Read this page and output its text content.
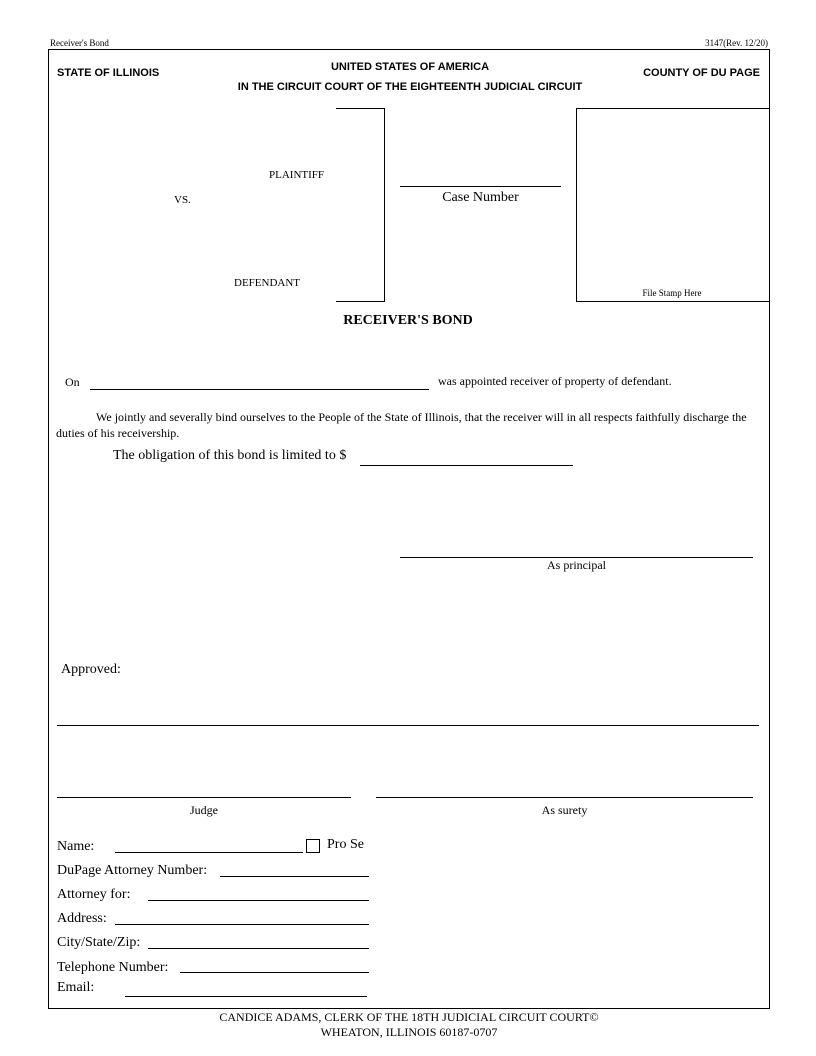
Receiver's Bond	3147(Rev. 12/20)
STATE OF ILLINOIS	UNITED STATES OF AMERICA
IN THE CIRCUIT COURT OF THE EIGHTEENTH JUDICIAL CIRCUIT
COUNTY OF DU PAGE
PLAINTIFF
VS.
DEFENDANT
Case Number
File Stamp Here
RECEIVER'S BOND
On	was appointed receiver of property of defendant.
We jointly and severally bind ourselves to the People of the State of Illinois, that the receiver will in all respects faithfully discharge the duties of his receivership.
The obligation of this bond is limited to $
As principal
Approved:
Judge	As surety
Name:	Pro Se
DuPage Attorney Number:
Attorney for:
Address:
City/State/Zip:
Telephone Number:
Email:
CANDICE ADAMS, CLERK OF THE 18TH JUDICIAL CIRCUIT COURT©
WHEATON, ILLINOIS 60187-0707
